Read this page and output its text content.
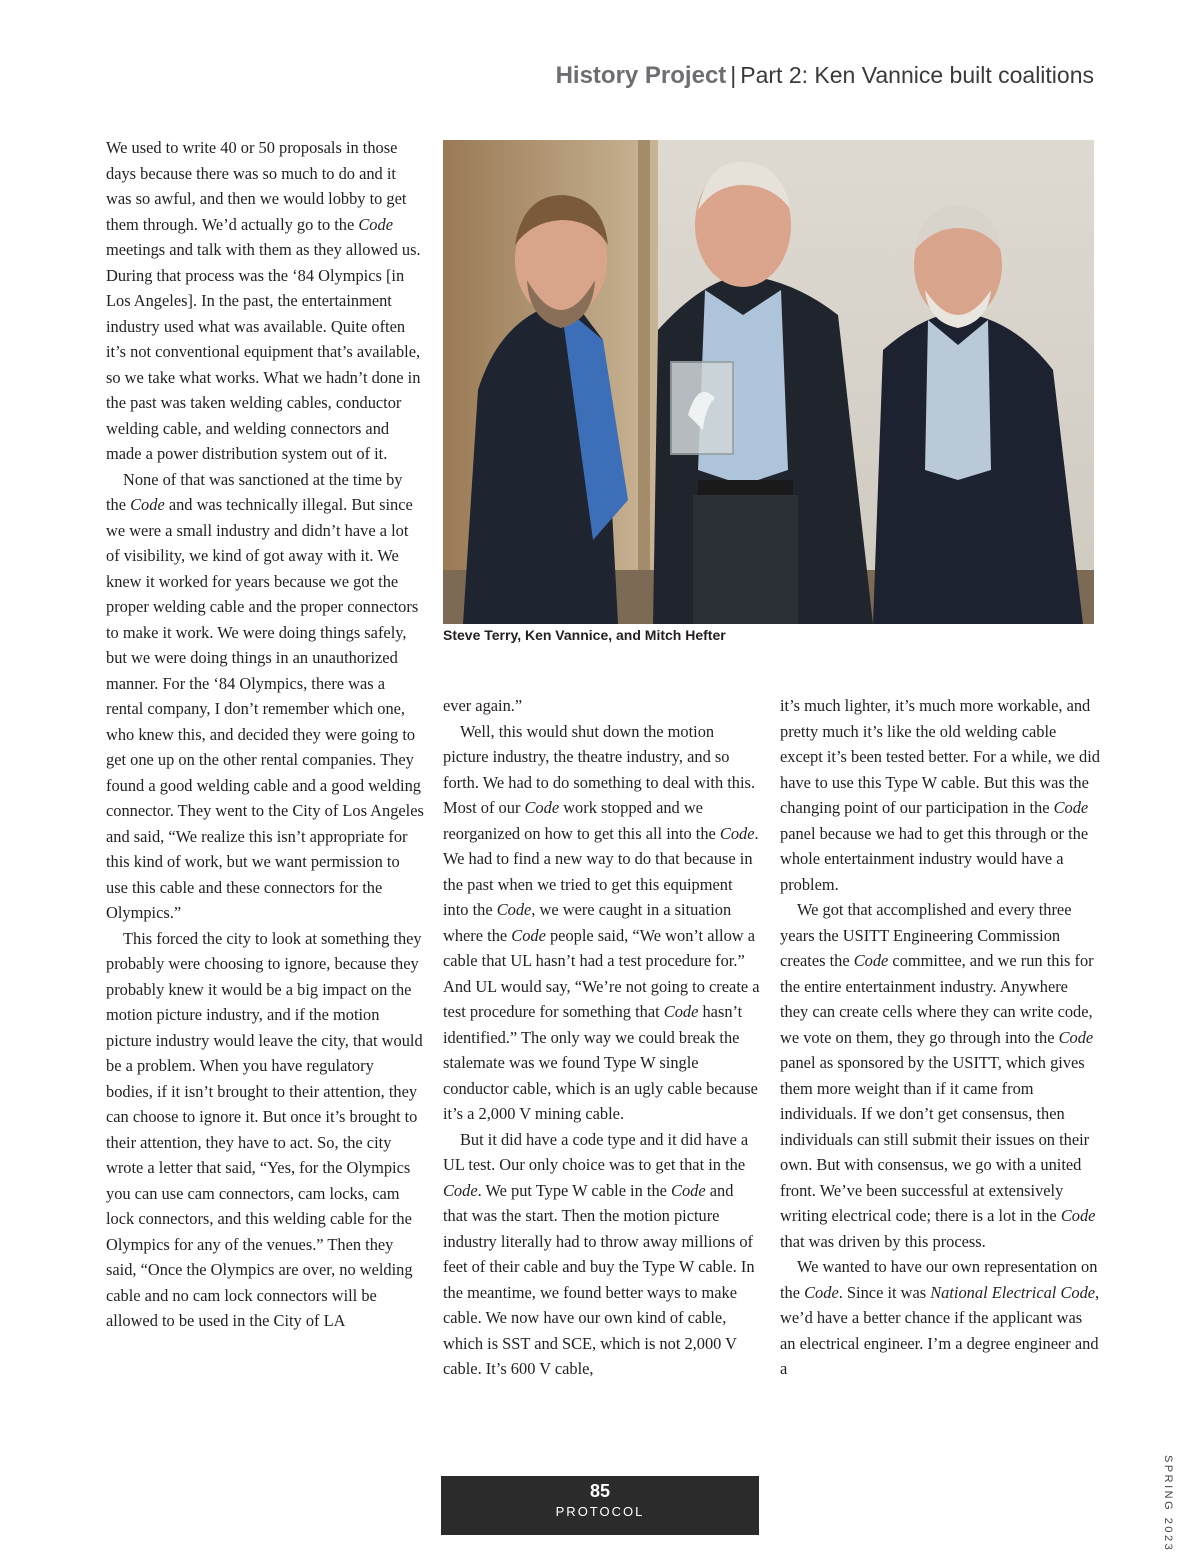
History Project | Part 2: Ken Vannice built coalitions

We used to write 40 or 50 proposals in those days because there was so much to do and it was so awful, and then we would lobby to get them through. We’d actually go to the Code meetings and talk with them as they allowed us. During that process was the ‘84 Olympics [in Los Angeles]. In the past, the entertainment industry used what was available. Quite often it’s not conventional equipment that’s available, so we take what works. What we hadn’t done in the past was taken welding cables, conductor welding cable, and welding connectors and made a power distribution system out of it.

None of that was sanctioned at the time by the Code and was technically illegal. But since we were a small industry and didn’t have a lot of visibility, we kind of got away with it. We knew it worked for years because we got the proper welding cable and the proper connectors to make it work. We were doing things safely, but we were doing things in an unauthorized manner. For the ‘84 Olympics, there was a rental company, I don’t remember which one, who knew this, and decided they were going to get one up on the other rental companies. They found a good welding cable and a good welding connector. They went to the City of Los Angeles and said, “We realize this isn’t appropriate for this kind of work, but we want permission to use this cable and these connectors for the Olympics.”

This forced the city to look at something they probably were choosing to ignore, because they probably knew it would be a big impact on the motion picture industry, and if the motion picture industry would leave the city, that would be a problem. When you have regulatory bodies, if it isn’t brought to their attention, they can choose to ignore it. But once it’s brought to their attention, they have to act. So, the city wrote a letter that said, “Yes, for the Olympics you can use cam connectors, cam locks, cam lock connectors, and this welding cable for the Olympics for any of the venues.” Then they said, “Once the Olympics are over, no welding cable and no cam lock connectors will be allowed to be used in the City of LA

Steve Terry, Ken Vannice, and Mitch Hefter

ever again.”

Well, this would shut down the motion picture industry, the theatre industry, and so forth. We had to do something to deal with this. Most of our Code work stopped and we reorganized on how to get this all into the Code. We had to find a new way to do that because in the past when we tried to get this equipment into the Code, we were caught in a situation where the Code people said, “We won’t allow a cable that UL hasn’t had a test procedure for.” And UL would say, “We’re not going to create a test procedure for something that Code hasn’t identified.” The only way we could break the stalemate was we found Type W single conductor cable, which is an ugly cable because it’s a 2,000 V mining cable.

But it did have a code type and it did have a UL test. Our only choice was to get that in the Code. We put Type W cable in the Code and that was the start. Then the motion picture industry literally had to throw away millions of feet of their cable and buy the Type W cable. In the meantime, we found better ways to make cable. We now have our own kind of cable, which is SST and SCE, which is not 2,000 V cable. It’s 600 V cable,

it’s much lighter, it’s much more workable, and pretty much it’s like the old welding cable except it’s been tested better. For a while, we did have to use this Type W cable. But this was the changing point of our participation in the Code panel because we had to get this through or the whole entertainment industry would have a problem.

We got that accomplished and every three years the USITT Engineering Commission creates the Code committee, and we run this for the entire entertainment industry. Anywhere they can create cells where they can write code, we vote on them, they go through into the Code panel as sponsored by the USITT, which gives them more weight than if it came from individuals. If we don’t get consensus, then individuals can still submit their issues on their own. But with consensus, we go with a united front. We’ve been successful at extensively writing electrical code; there is a lot in the Code that was driven by this process.

We wanted to have our own representation on the Code. Since it was National Electrical Code, we’d have a better chance if the applicant was an electrical engineer. I’m a degree engineer and a

85
PROTOCOL	SPRING 2023
